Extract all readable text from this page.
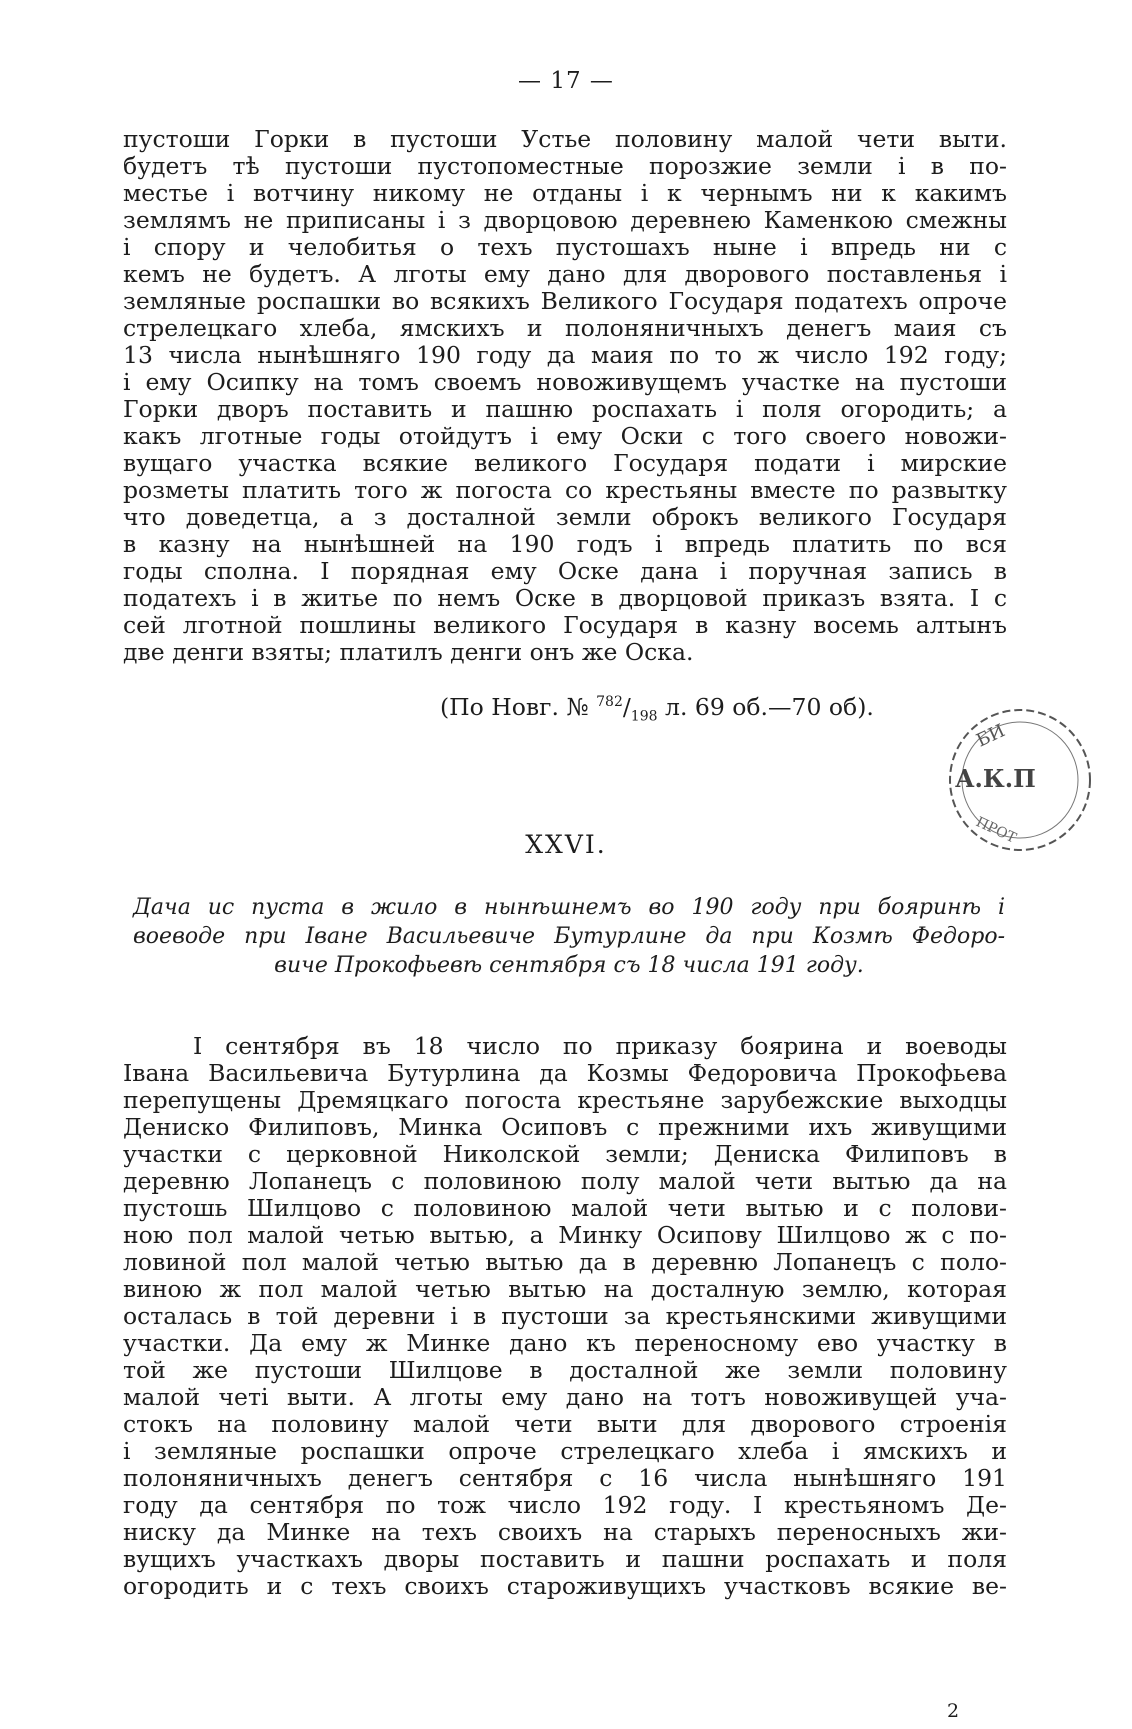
— 17 —
пустоши Горки в пустоши Устье половину малой чети выти.
будетъ тѣ пустоши пустопоместные порозжие земли і в по-
местье і вотчину никому не отданы і к чернымъ ни к какимъ
землямъ не приписаны і з дворцовою деревнею Каменкою смежны
і спору и челобитья о техъ пустошахъ ныне і впредь ни с
кемъ не будетъ. А лготы ему дано для дворового поставленья і
земляные роспашки во всякихъ Великого Государя податехъ опроче
стрелецкаго хлеба, ямскихъ и полоняничныхъ денегъ маия съ
13 числа нынѣшняго 190 году да маия по то ж число 192 году;
і ему Осипку на томъ своемъ новоживущемъ участке на пустоши
Горки дворъ поставить и пашню роспахать і поля огородить; а
какъ лготные годы отойдутъ і ему Оски с того своего новожи-
вущаго участка всякие великого Государя подати і мирские
розметы платить того ж погоста со крестьяны вместе по развытку
что доведетца, а з досталной земли оброкъ великого Государя
в казну на нынѣшней на 190 годъ і впредь платить по вся
годы сполна. І порядная ему Оске дана і поручная запись в
податехъ і в житье по немъ Оске в дворцовой приказъ взята. І с
сей лготной пошлины великого Государя в казну восемь алтынъ
две денги взяты; платилъ денги онъ же Оска.
(По Новг. № $^{782}/_{198}$ л. 69 об.—70 об).
БИ
А.К.П
ПРОТ
XXVI.
Дача ис пуста в жило в нынѣшнемъ во 190 году при бояринѣ і
воеводе при Іване Васильевиче Бутурлине да при Козмѣ Федоро-
виче Прокофьевѣ сентября съ 18 числа 191 году.
І сентября въ 18 число по приказу боярина и воеводы
Івана Васильевича Бутурлина да Козмы Федоровича Прокофьева
перепущены Дремяцкаго погоста крестьяне зарубежские выходцы
Дениско Филиповъ, Минка Осиповъ с прежними ихъ живущими
участки с церковной Николской земли; Дениска Филиповъ в
деревню Лопанецъ с половиною полу малой чети вытью да на
пустошь Шилцово с половиною малой чети вытью и с полови-
ною пол малой четью вытью, а Минку Осипову Шилцово ж с по-
ловиной пол малой четью вытью да в деревню Лопанецъ с поло-
виною ж пол малой четью вытью на досталную землю, которая
осталась в той деревни і в пустоши за крестьянскими живущими
участки. Да ему ж Минке дано къ переносному ево участку в
той же пустоши Шилцове в досталной же земли половину
малой четі выти. А лготы ему дано на тотъ новоживущей уча-
стокъ на половину малой чети выти для дворового строенія
і земляные роспашки опроче стрелецкаго хлеба і ямскихъ и
полоняничныхъ денегъ сентября с 16 числа нынѣшняго 191
году да сентября по тож число 192 году. І крестьяномъ Де-
ниску да Минке на техъ своихъ на старыхъ переносныхъ жи-
вущихъ участкахъ дворы поставить и пашни роспахать и поля
огородить и с техъ своихъ староживущихъ участковъ всякие ве-
2
